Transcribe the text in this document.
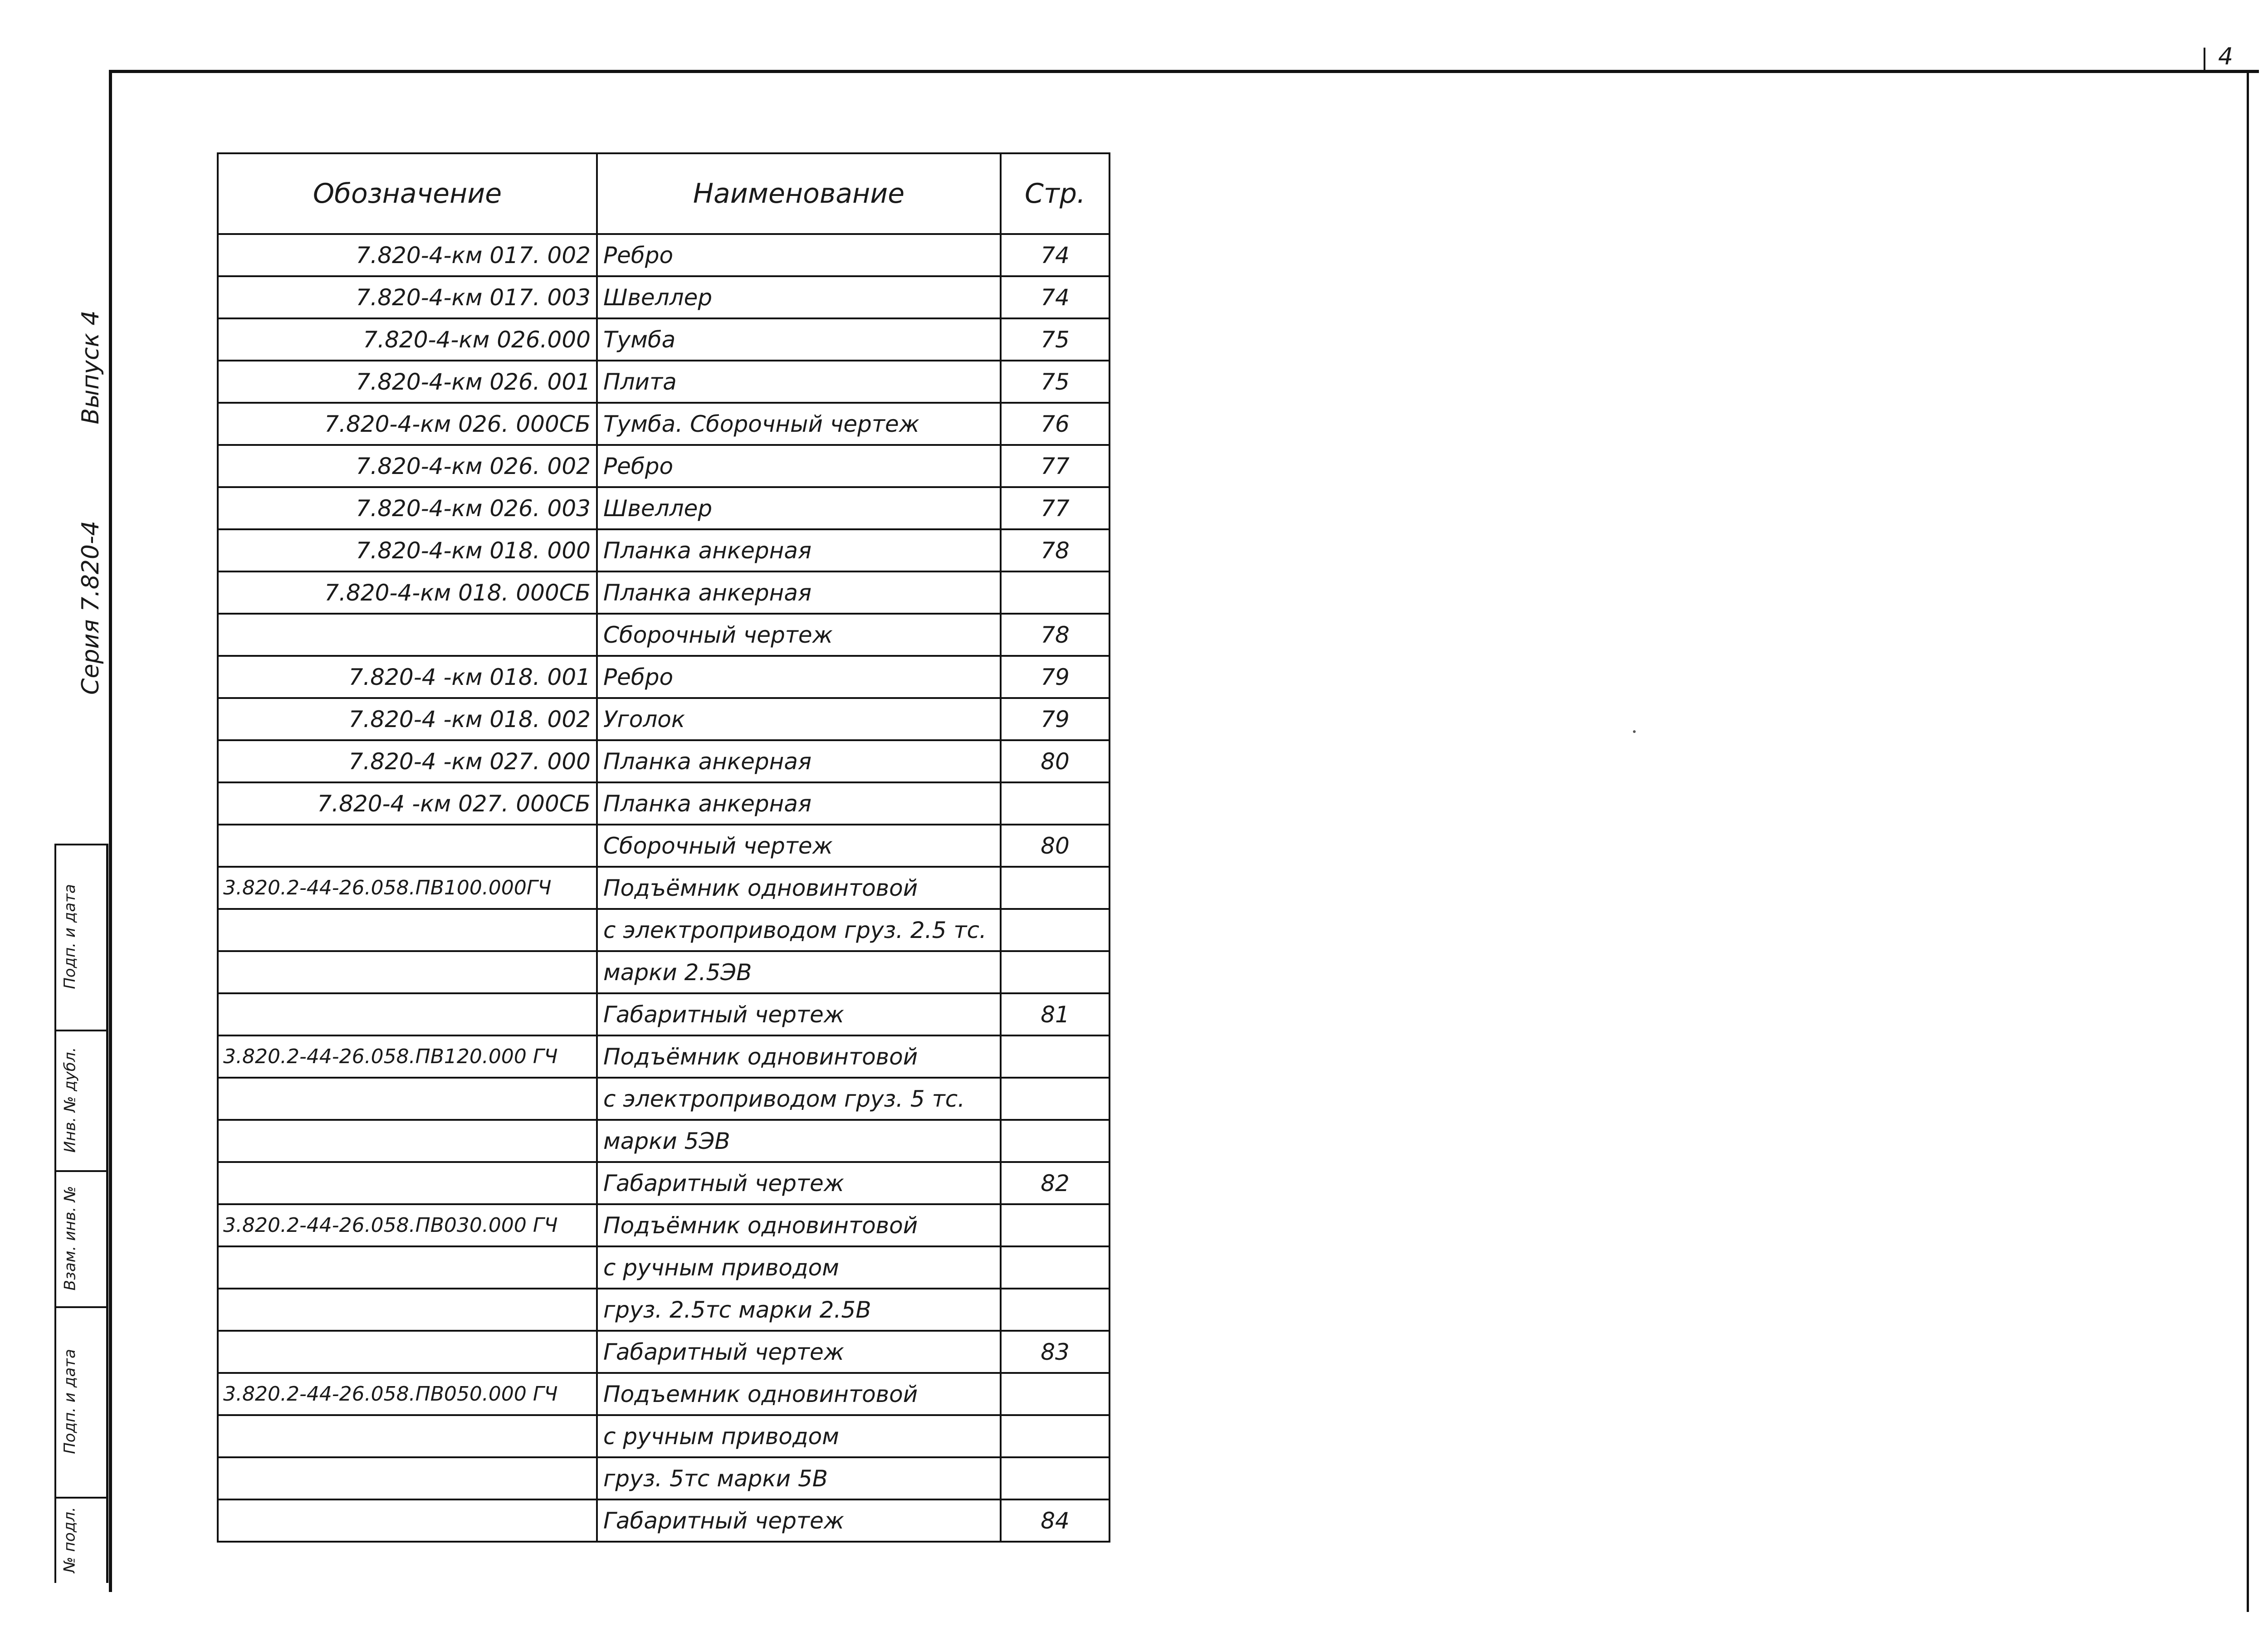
4
Выпуск 4
Серия 7.820-4
Подп. и дата
Инв. № дубл.
Взам. инв. №
Подп. и дата
№ подл.
Обозначение	Наименование	Стр.
7.820-4-км 017. 002	Ребро	74
7.820-4-км 017. 003	Швеллер	74
7.820-4-км 026.000	Тумба	75
7.820-4-км 026. 001	Плита	75
7.820-4-км 026. 000СБ	Тумба. Сборочный чертеж	76
7.820-4-км 026. 002	Ребро	77
7.820-4-км 026. 003	Швеллер	77
7.820-4-км 018. 000	Планка анкерная	78
7.820-4-км 018. 000СБ	Планка анкерная	
	Сборочный чертеж	78
7.820-4 -км 018. 001	Ребро	79
7.820-4 -км 018. 002	Уголок	79
7.820-4 -км 027. 000	Планка анкерная	80
7.820-4 -км 027. 000СБ	Планка анкерная	
	Сборочный чертеж	80
3.820.2-44-26.058.ПВ100.000ГЧ	Подъёмник одновинтовой	
	с электроприводом груз. 2.5 тс.	
	марки 2.5ЭВ	
	Габаритный чертеж	81
3.820.2-44-26.058.ПВ120.000 ГЧ	Подъёмник одновинтовой	
	с электроприводом груз. 5 тс.	
	марки 5ЭВ	
	Габаритный чертеж	82
3.820.2-44-26.058.ПВ030.000 ГЧ	Подъёмник одновинтовой	
	с ручным приводом	
	груз. 2.5тс марки 2.5В	
	Габаритный чертеж	83
3.820.2-44-26.058.ПВ050.000 ГЧ	Подъемник одновинтовой	
	с ручным приводом	
	груз. 5тс марки 5В	
	Габаритный чертеж	84
